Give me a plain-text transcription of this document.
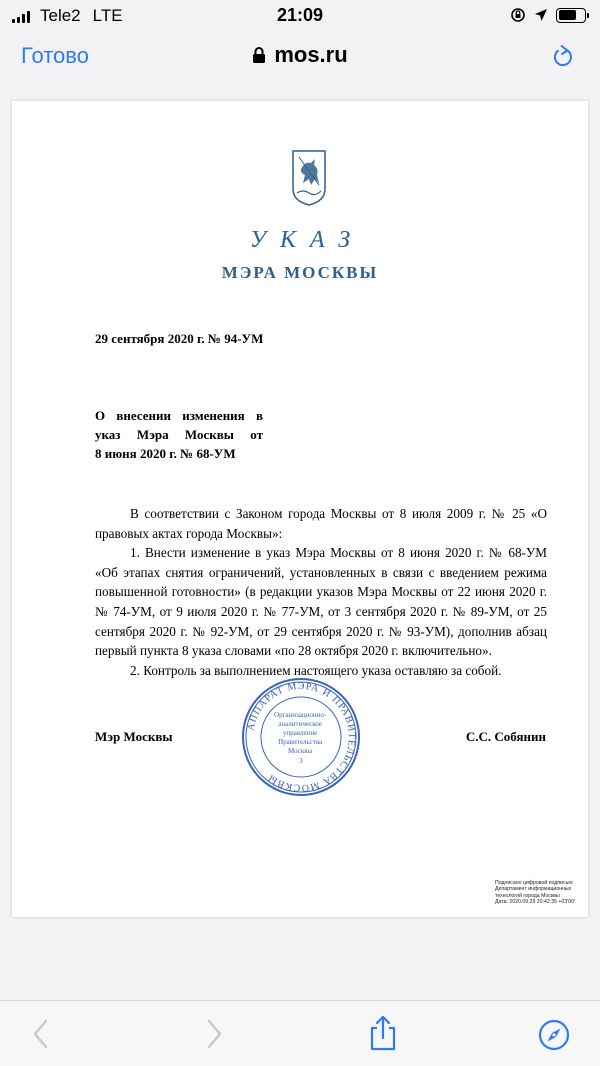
Tele2 LTE	21:09
Готово	mos.ru
УКАЗ
МЭРА МОСКВЫ
29 сентября 2020 г. № 94-УМ
О внесении изменения в
указ Мэра Москвы от
8 июня 2020 г. № 68-УМ

В соответствии с Законом города Москвы от 8 июля 2009 г. № 25 «О правовых актах города Москвы»:

1. Внести изменение в указ Мэра Москвы от 8 июня 2020 г. № 68-УМ «Об этапах снятия ограничений, установленных в связи с введением режима повышенной готовности» (в редакции указов Мэра Москвы от 22 июня 2020 г. № 74-УМ, от 9 июля 2020 г. № 77-УМ, от 3 сентября 2020 г. № 89-УМ, от 25 сентября 2020 г. № 92-УМ, от 29 сентября 2020 г. № 93-УМ), дополнив абзац первый пункта 8 указа словами «по 28 октября 2020 г. включительно».

2. Контроль за выполнением настоящего указа оставляю за собой.

Мэр Москвы
АППАРАТ МЭРА И ПРАВИТЕЛЬСТВА МОСКВЫ
Организационно- аналитическое управление Правительства Москвы 3
С.С. Собянин
Подписано цифровой подписью:
Департамент информационных
технологий города Москвы
Дата: 2020.09.29 20:42:35 +03'00'
